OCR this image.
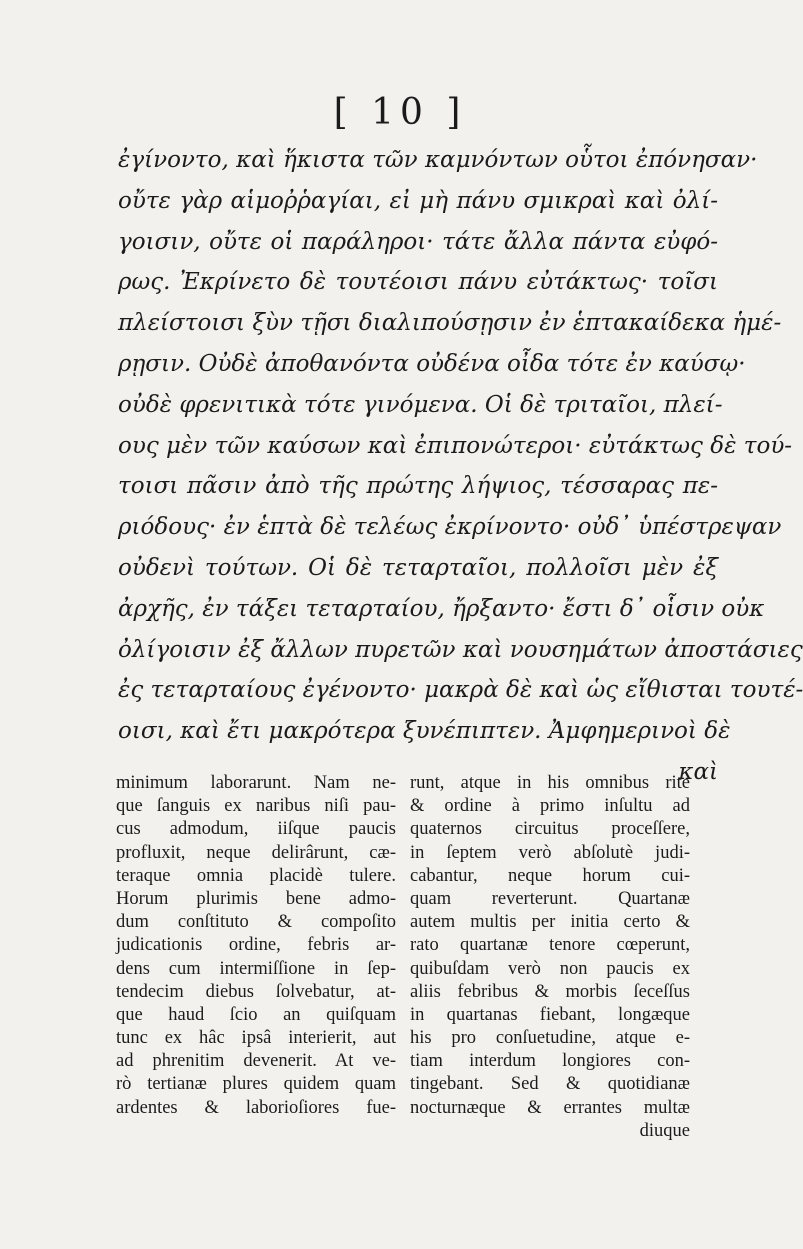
[ 10 ]
ἐγίνοντο, καὶ ἥκιστα τῶν καμνόντων οὗτοι ἐπόνησαν·
οὔτε γὰρ αἱμοῤῥαγίαι, εἰ μὴ πάνυ σμικραὶ καὶ ὀλί-
γοισιν, οὔτε οἱ παράληροι· τάτε ἄλλα πάντα εὐφό-
ρως. Ἐκρίνετο δὲ τουτέοισι πάνυ εὐτάκτως· τοῖσι
πλείστοισι ξὺν τῇσι διαλιπούσῃσιν ἐν ἑπτακαίδεκα ἡμέ-
ρῃσιν. Οὐδὲ ἀποθανόντα οὐδένα οἶδα τότε ἐν καύσῳ·
οὐδὲ φρενιτικὰ τότε γινόμενα. Οἱ δὲ τριταῖοι, πλεί-
ους μὲν τῶν καύσων καὶ ἐπιπονώτεροι· εὐτάκτως δὲ τού-
τοισι πᾶσιν ἀπὸ τῆς πρώτης λήψιος, τέσσαρας πε-
ριόδους· ἐν ἑπτὰ δὲ τελέως ἐκρίνοντο· οὐδ᾽ ὑπέστρεψαν
οὐδενὶ τούτων. Οἱ δὲ τεταρταῖοι, πολλοῖσι μὲν ἐξ
ἀρχῆς, ἐν τάξει τεταρταίου, ἤρξαντο· ἔστι δ᾽ οἷσιν οὐκ
ὀλίγοισιν ἐξ ἄλλων πυρετῶν καὶ νουσημάτων ἀποστάσιες
ἐς τεταρταίους ἐγένοντο· μακρὰ δὲ καὶ ὡς εἴθισται τουτέ-
οισι, καὶ ἔτι μακρότερα ξυνέπιπτεν. Ἀμφημερινοὶ δὲ
καὶ
minimum laborarunt. Nam ne-
que ſanguis ex naribus niſi pau-
cus admodum, iiſque paucis
profluxit, neque delirârunt, cæ-
teraque omnia placidè tulere.
Horum plurimis bene admo-
dum conſtituto & compoſito
judicationis ordine, febris ar-
dens cum intermiſſione in ſep-
tendecim diebus ſolvebatur, at-
que haud ſcio an quiſquam
tunc ex hâc ipsâ interierit, aut
ad phrenitim devenerit. At ve-
rò tertianæ plures quidem quam
ardentes & laborioſiores fue-
runt, atque in his omnibus rite
& ordine à primo inſultu ad
quaternos circuitus proceſſere,
in ſeptem verò abſolutè judi-
cabantur, neque horum cui-
quam reverterunt. Quartanæ
autem multis per initia certo &
rato quartanæ tenore cœperunt,
quibuſdam verò non paucis ex
aliis febribus & morbis ſeceſſus
in quartanas fiebant, longæque
his pro conſuetudine, atque e-
tiam interdum longiores con-
tingebant. Sed & quotidianæ
nocturnæque & errantes multæ
diuque
